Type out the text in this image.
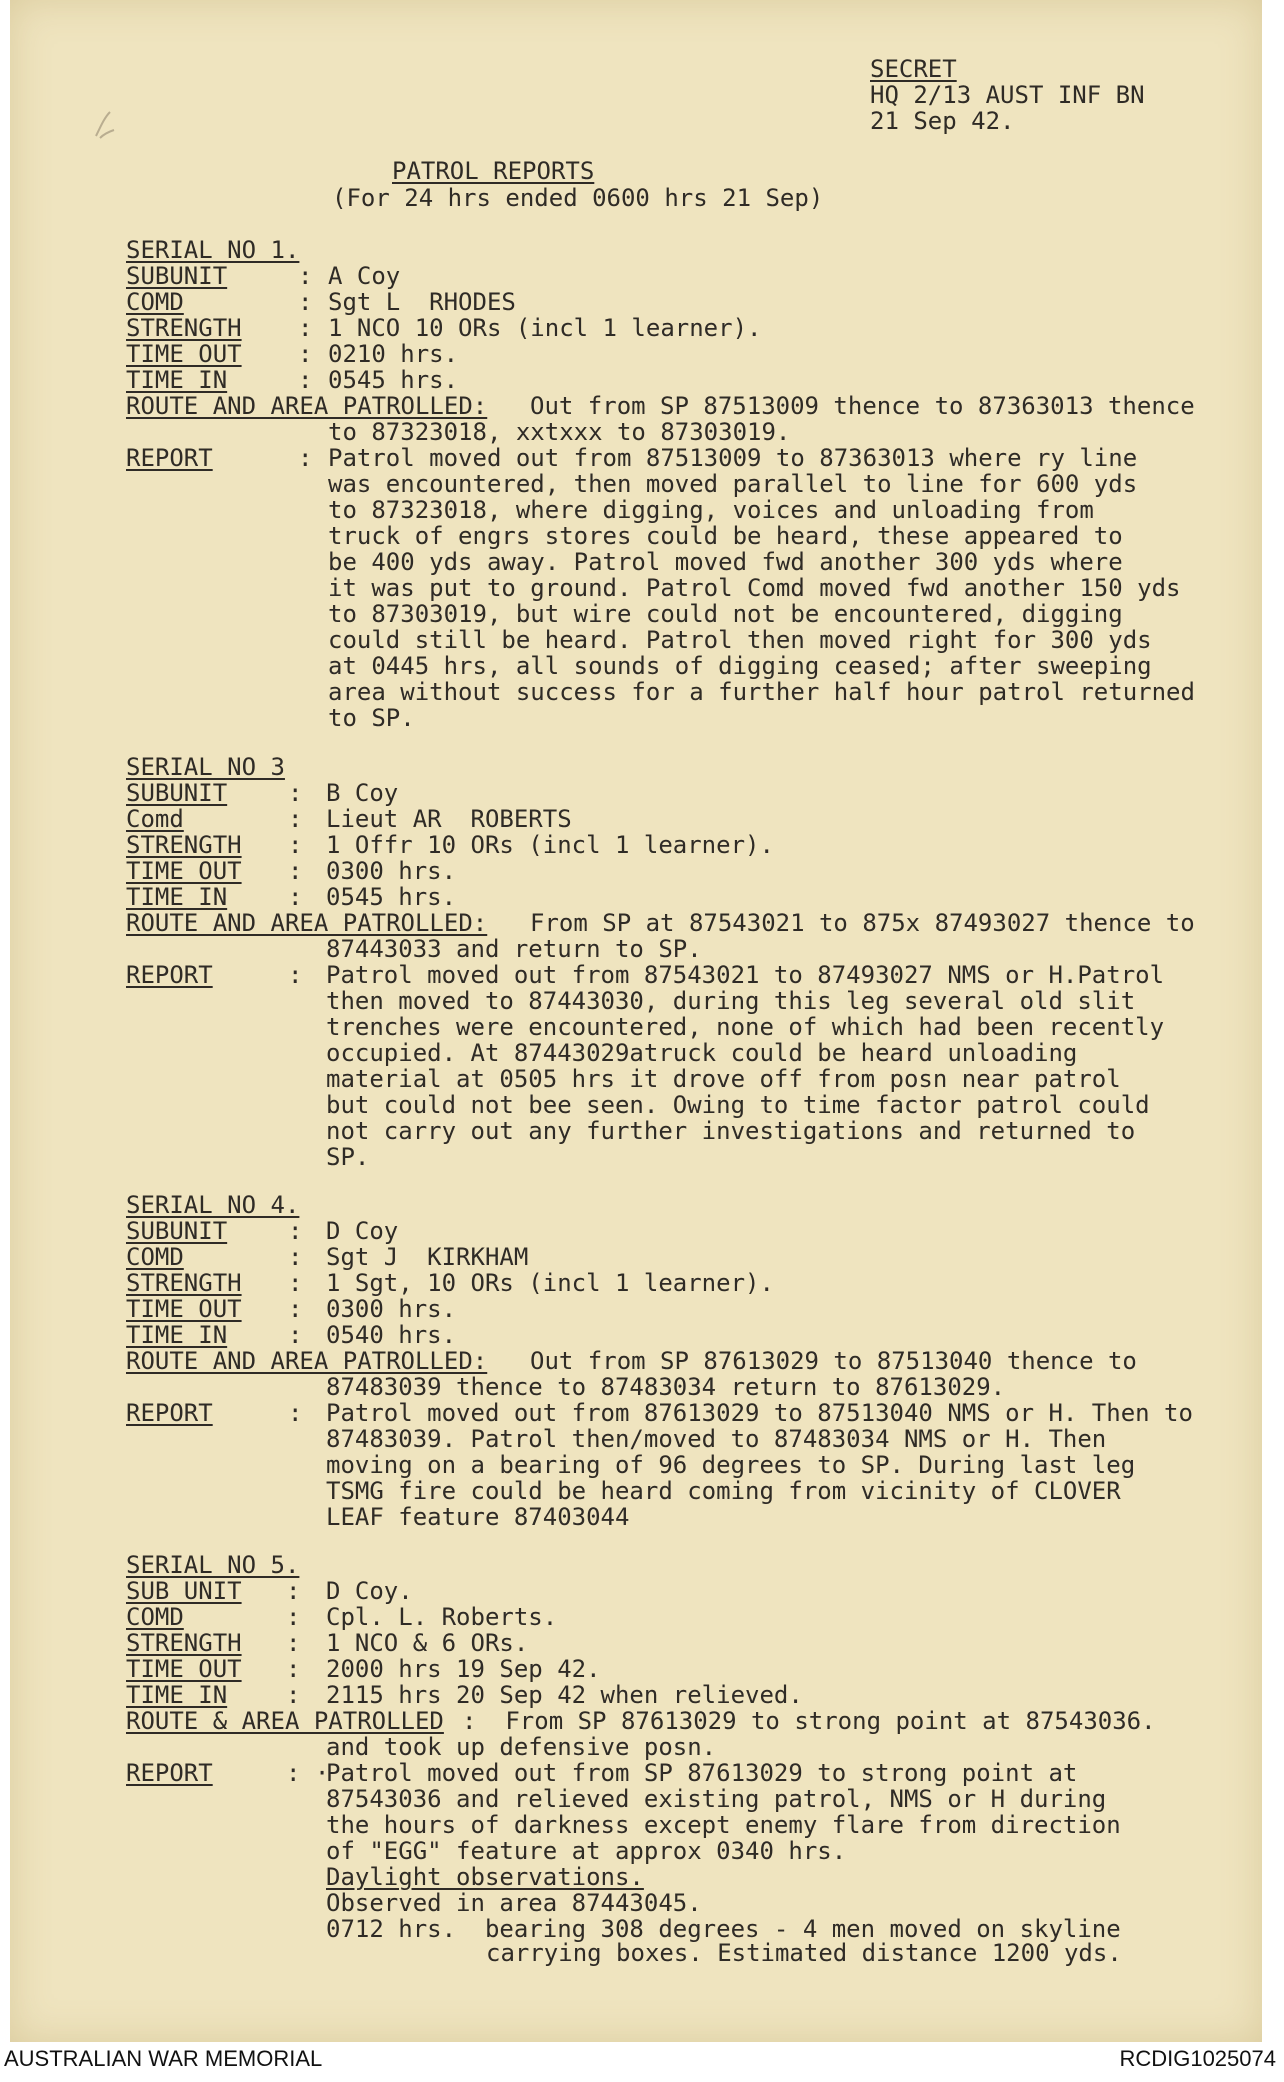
SECRET
HQ 2/13 AUST INF BN
21 Sep 42.
PATROL REPORTS
(For 24 hrs ended 0600 hrs 21 Sep)
SERIAL NO 1.
SUBUNIT	: A Coy
COMD	: Sgt L  RHODES
STRENGTH : 1 NCO 10 ORs (incl 1 learner).
TIME OUT : 0210 hrs.
TIME IN	: 0545 hrs.
ROUTE AND AREA PATROLLED: Out from SP 87513009 thence to 87363013 thence
to 87323018, xxtxxx to 87303019.
REPORT	: Patrol moved out from 87513009 to 87363013 where ry line
was encountered, then moved parallel to line for 600 yds
to 87323018, where digging, voices and unloading from
truck of engrs stores could be heard, these appeared to
be 400 yds away. Patrol moved fwd another 300 yds where
it was put to ground. Patrol Comd moved fwd another 150 yds
to 87303019, but wire could not be encountered, digging
could still be heard. Patrol then moved right for 300 yds
at 0445 hrs, all sounds of digging ceased; after sweeping
area without success for a further half hour patrol returned
to SP.
SERIAL NO 3
SUBUNIT	: B Coy
Comd	: Lieut AR  ROBERTS
STRENGTH : 1 Offr 10 ORs (incl 1 learner).
TIME OUT : 0300 hrs.
TIME IN	: 0545 hrs.
ROUTE AND AREA PATROLLED: From SP at 87543021 to 875x 87493027 thence to
87443033 and return to SP.
REPORT	: Patrol moved out from 87543021 to 87493027 NMS or H.Patrol
then moved to 87443030, during this leg several old slit
trenches were encountered, none of which had been recently
occupied. At 87443029atruck could be heard unloading
material at 0505 hrs it drove off from posn near patrol
but could not bee seen. Owing to time factor patrol could
not carry out any further investigations and returned to
SP.
SERIAL NO 4.
SUBUNIT	: D Coy
COMD	: Sgt J  KIRKHAM
STRENGTH : 1 Sgt, 10 ORs (incl 1 learner).
TIME OUT : 0300 hrs.
TIME IN	: 0540 hrs.
ROUTE AND AREA PATROLLED: Out from SP 87613029 to 87513040 thence to
87483039 thence to 87483034 return to 87613029.
REPORT	: Patrol moved out from 87613029 to 87513040 NMS or H. Then to
87483039. Patrol then/moved to 87483034 NMS or H. Then
moving on a bearing of 96 degrees to SP. During last leg
TSMG fire could be heard coming from vicinity of CLOVER
LEAF feature 87403044
SERIAL NO 5.
SUB UNIT : D Coy.
COMD	: Cpl. L. Roberts.
STRENGTH : 1 NCO & 6 ORs.
TIME OUT : 2000 hrs 19 Sep 42.
TIME IN : 2115 hrs 20 Sep 42 when relieved.
ROUTE & AREA PATROLLED :  From SP 87613029 to strong point at 87543036.
and took up defensive posn.
REPORT	: ·
Patrol moved out from SP 87613029 to strong point at
87543036 and relieved existing patrol, NMS or H during
the hours of darkness except enemy flare from direction
of "EGG" feature at approx 0340 hrs.
Daylight observations.
Observed in area 87443045.
0712 hrs.  bearing 308 degrees - 4 men moved on skyline
carrying boxes. Estimated distance 1200 yds.
AUSTRALIAN WAR MEMORIAL	RCDIG1025074
